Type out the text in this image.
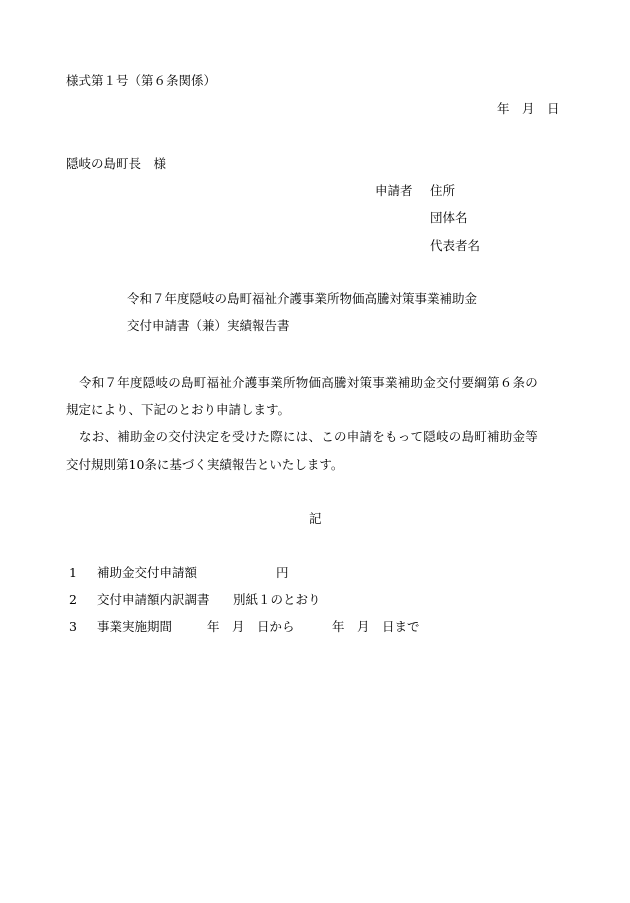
様式第１号（第６条関係）
年　月　日
隠岐の島町長　様
申請者 住所
団体名
代表者名
令和７年度隠岐の島町福祉介護事業所物価高騰対策事業補助金
交付申請書（兼）実績報告書
令和７年度隠岐の島町福祉介護事業所物価高騰対策事業補助金交付要綱第６条の
規定により、下記のとおり申請します。
なお、補助金の交付決定を受けた際には、この申請をもって隠岐の島町補助金等
交付規則第10条に基づく実績報告といたします。
記
1 補助金交付申請額	円
2 交付申請額内訳調書 別紙１のとおり
3 事業実施期間	年　月　日から	年　月　日まで
